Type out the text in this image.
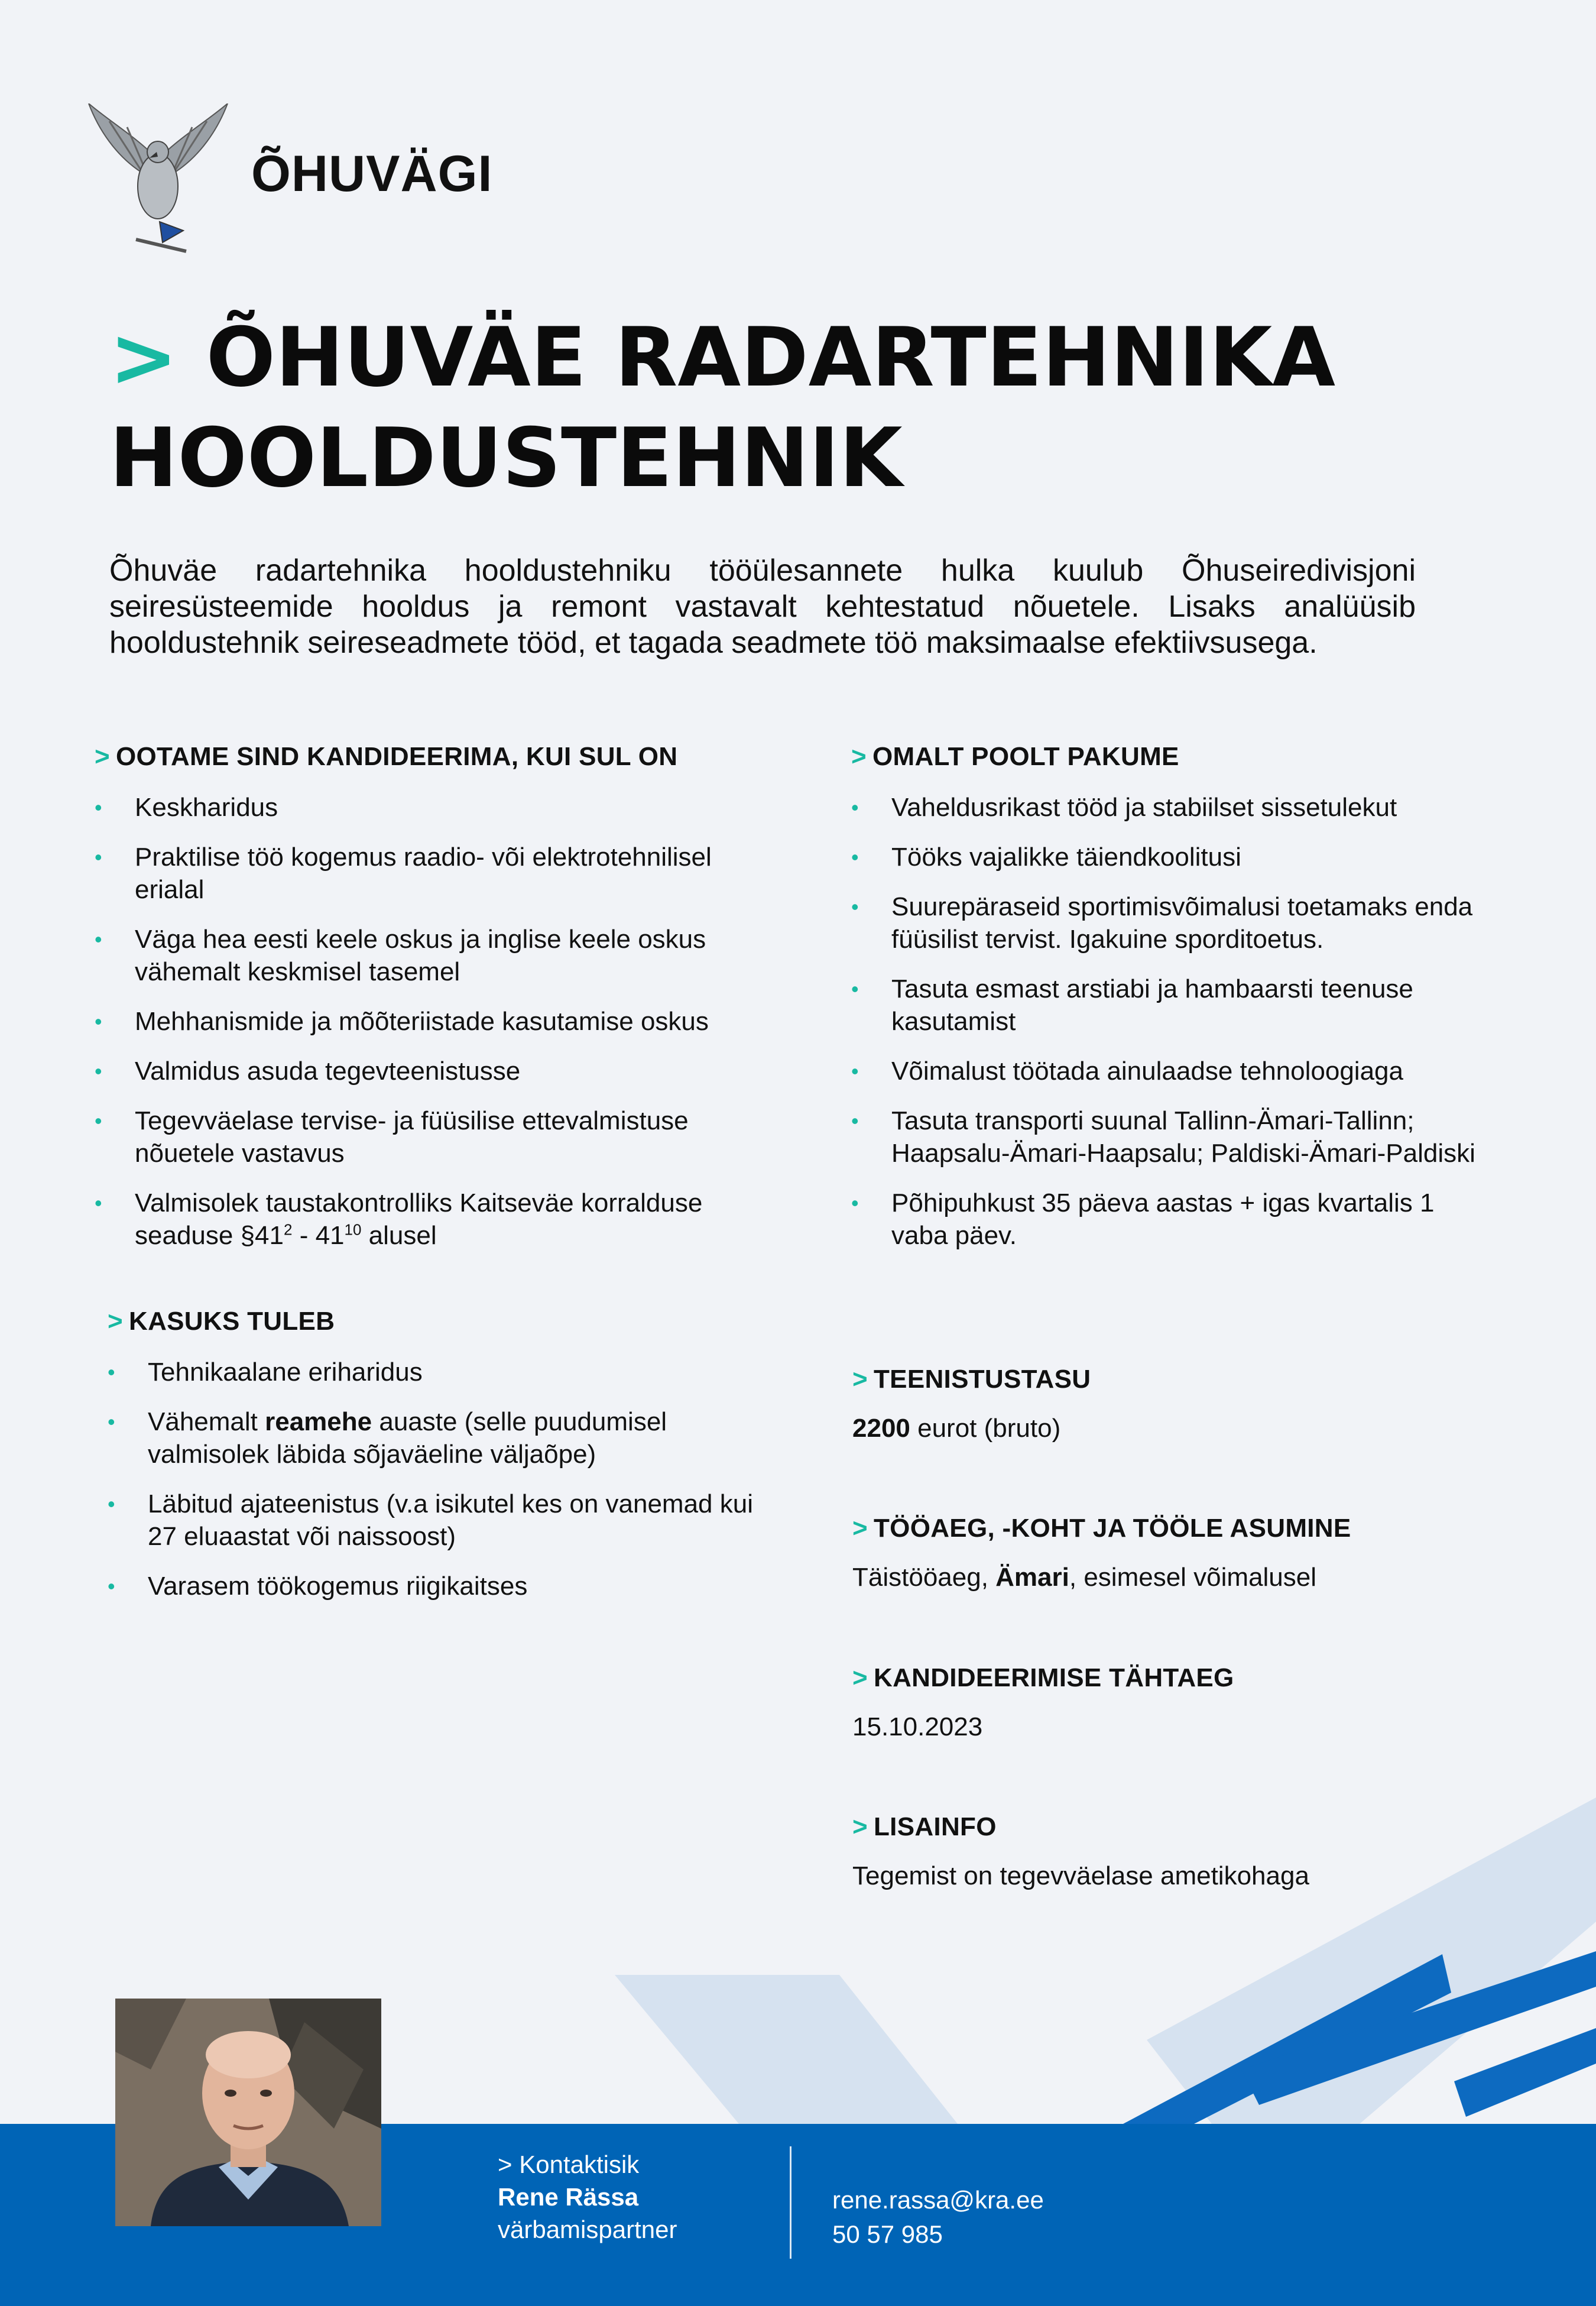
ÕHUVÄGI
> ÕHUVÄE RADARTEHNIKA
HOOLDUSTEHNIK
Õhuväe radartehnika hooldustehniku tööülesannete hulka kuulub Õhuseiredivisjoni seiresüsteemide hooldus ja remont vastavalt kehtestatud nõuetele. Lisaks analüüsib hooldustehnik seireseadmete tööd, et tagada seadmete töö maksimaalse efektiivsusega.
> OOTAME SIND KANDIDEERIMA, KUI SUL ON
• Keskharidus
• Praktilise töö kogemus raadio- või elektrotehnilisel erialal
• Väga hea eesti keele oskus ja inglise keele oskus vähemalt keskmisel tasemel
• Mehhanismide ja mõõteriistade kasutamise oskus
• Valmidus asuda tegevteenistusse
• Tegevväelase tervise- ja füüsilise ettevalmistuse nõuetele vastavus
• Valmisolek taustakontrolliks Kaitseväe korralduse seaduse $\S 41^2 - 41^{10}$ alusel
> KASUKS TULEB
• Tehnikaalane eriharidus
• Vähemalt reamehe auaste (selle puudumisel valmisolek läbida sõjaväeline väljaõpe)
• Läbitud ajateenistus (v.a isikutel kes on vanemad kui 27 eluaastat või naissoost)
• Varasem töökogemus riigikaitses
> OMALT POOLT PAKUME
• Vaheldusrikast tööd ja stabiilset sissetulekut
• Tööks vajalikke täiendkoolitusi
• Suurepäraseid sportimisvõimalusi toetamaks enda füüsilist tervist. Igakuine sporditoetus.
• Tasuta esmast arstiabi ja hambaarsti teenuse kasutamist
• Võimalust töötada ainulaadse tehnoloogiaga
• Tasuta transporti suunal Tallinn-Ämari-Tallinn; Haapsalu-Ämari-Haapsalu; Paldiski-Ämari-Paldiski
• Põhipuhkust 35 päeva aastas + igas kvartalis 1 vaba päev.
> TEENISTUSTASU
2200 eurot (bruto)
> TÖÖAEG, -KOHT JA TÖÖLE ASUMINE
Täistööaeg, Ämari, esimesel võimalusel
> KANDIDEERIMISE TÄHTAEG
15.10.2023
> LISAINFO
Tegemist on tegevväelase ametikohaga
> Kontaktisik
Rene Rässa
värbamispartner
rene.rassa@kra.ee
50 57 985
